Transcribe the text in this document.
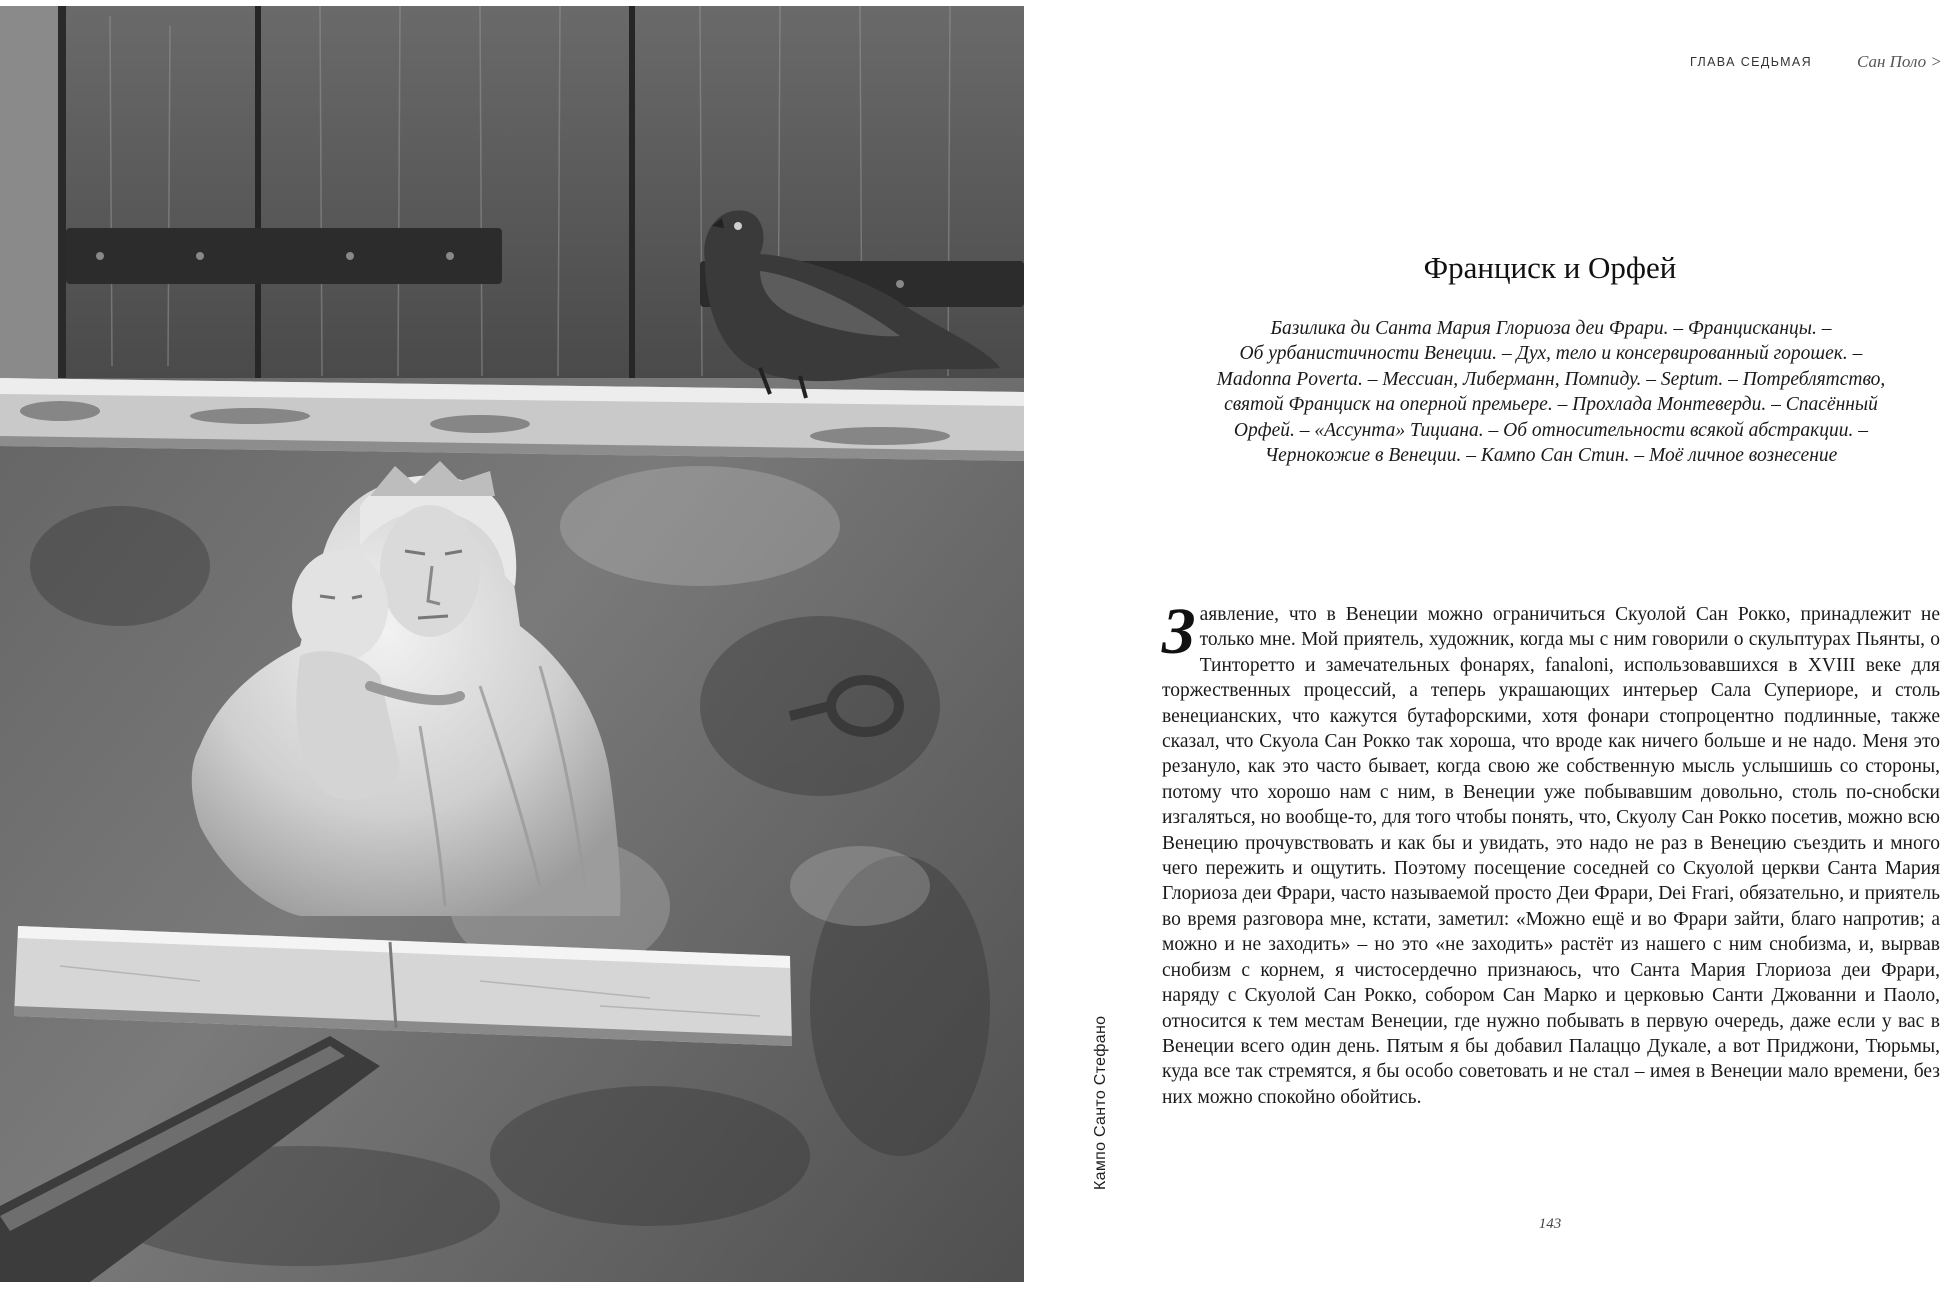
Кампо Санто Стефано
ГЛАВА СЕДЬМАЯ	Сан Поло >
Франциск и Орфей

Базилика ди Санта Мария Глориоза деи Фрари. – Францисканцы. –
Об урбанистичности Венеции. – Дух, тело и консервированный горошек. –
Madonna Poverta. – Мессиан, Либерманн, Помпиду. – Septum. – Потреблятство,
святой Франциск на оперной премьере. – Прохлада Монтеверди. – Спасённый
Орфей. – «Ассунта» Тициана. – Об относительности всякой абстракции. –
Чернокожие в Венеции. – Кампо Сан Стин. – Моё личное вознесение

Заявление, что в Венеции можно ограничиться Скуолой Сан Рокко, принадлежит не только мне. Мой приятель, художник, когда мы с ним говорили о скульптурах Пьянты, о Тинторетто и замечательных фонарях, fanaloni, использовавшихся в XVIII веке для торжественных процессий, а теперь украшающих интерьер Сала Супериоре, и столь венецианских, что кажутся бутафорскими, хотя фонари стопроцентно подлинные, также сказал, что Скуола Сан Рокко так хороша, что вроде как ничего больше и не надо. Меня это резануло, как это часто бывает, когда свою же собственную мысль услышишь со стороны, потому что хорошо нам с ним, в Венеции уже побывавшим довольно, столь по-снобски изгаляться, но вообще-то, для того чтобы понять, что, Скуолу Сан Рокко посетив, можно всю Венецию прочувствовать и как бы и увидать, это надо не раз в Венецию съездить и много чего пережить и ощутить. Поэтому посещение соседней со Скуолой церкви Санта Мария Глориоза деи Фрари, часто называемой просто Деи Фрари, Dei Frari, обязательно, и приятель во время разговора мне, кстати, заметил: «Можно ещё и во Фрари зайти, благо напротив; а можно и не заходить» – но это «не заходить» растёт из нашего с ним снобизма, и, вырвав снобизм с корнем, я чистосердечно признаюсь, что Санта Мария Глориоза деи Фрари, наряду с Скуолой Сан Рокко, собором Сан Марко и церковью Санти Джованни и Паоло, относится к тем местам Венеции, где нужно побывать в первую очередь, даже если у вас в Венеции всего один день. Пятым я бы добавил Палаццо Дукале, а вот Приджони, Тюрьмы, куда все так стремятся, я бы особо советовать и не стал – имея в Венеции мало времени, без них можно спокойно обойтись.

143
